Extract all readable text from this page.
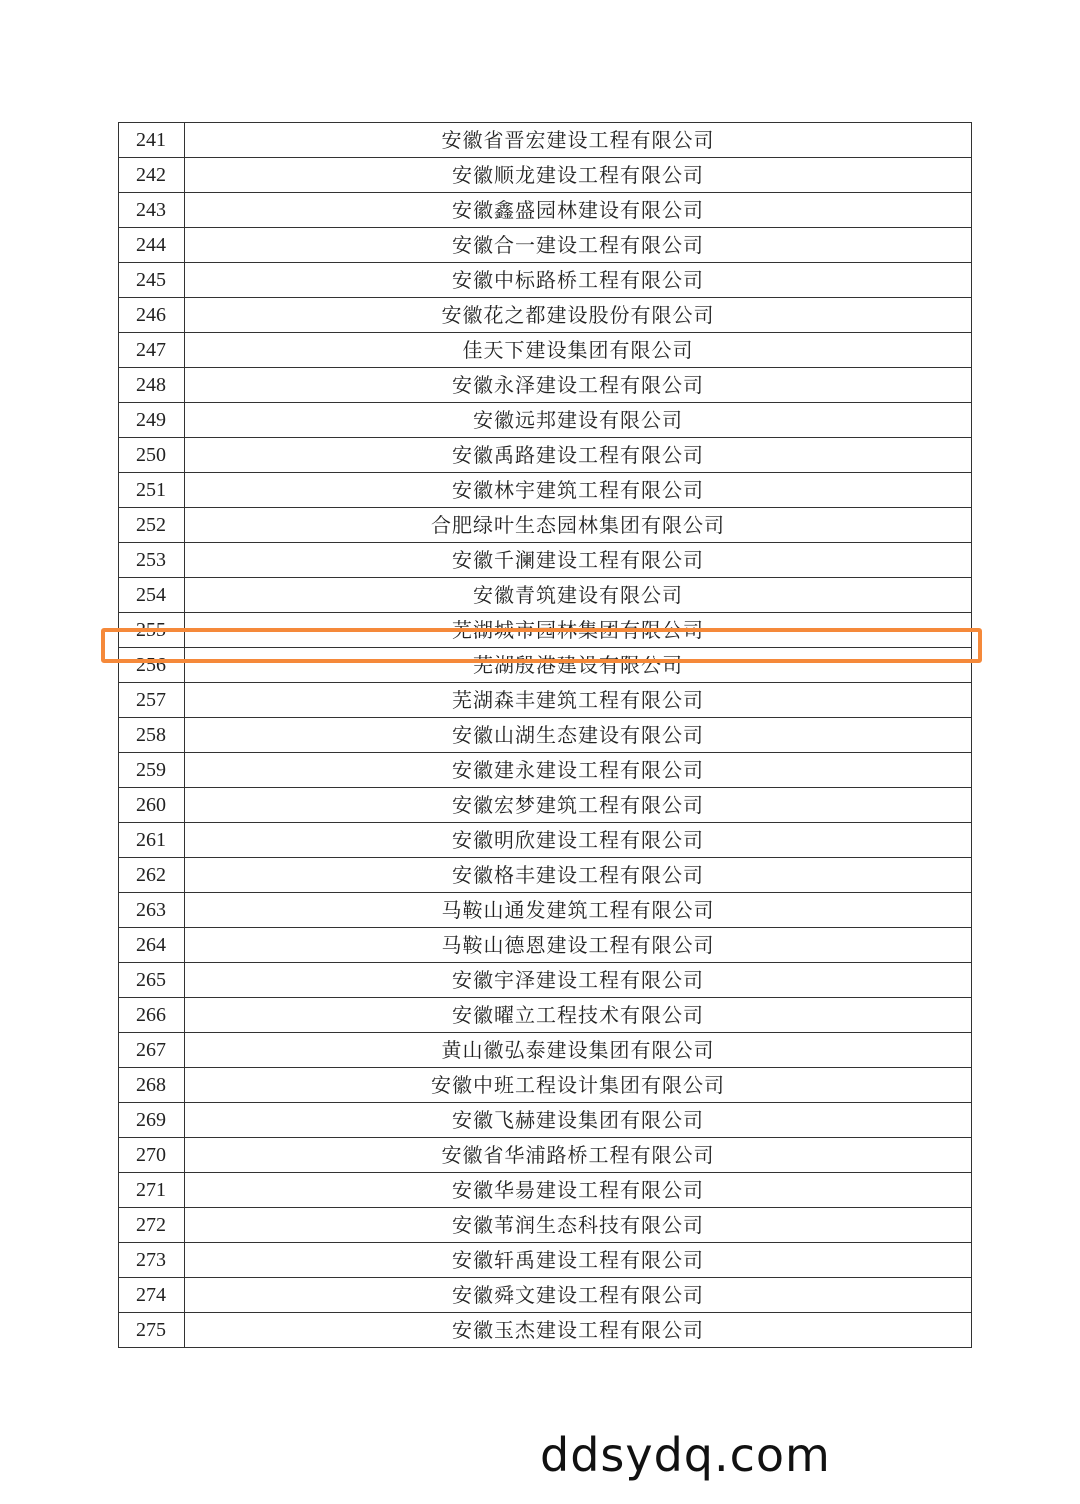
241	安徽省晋宏建设工程有限公司
242	安徽顺龙建设工程有限公司
243	安徽鑫盛园林建设有限公司
244	安徽合一建设工程有限公司
245	安徽中标路桥工程有限公司
246	安徽花之都建设股份有限公司
247	佳天下建设集团有限公司
248	安徽永泽建设工程有限公司
249	安徽远邦建设有限公司
250	安徽禹路建设工程有限公司
251	安徽林宇建筑工程有限公司
252	合肥绿叶生态园林集团有限公司
253	安徽千澜建设工程有限公司
254	安徽青筑建设有限公司
255	芜湖城市园林集团有限公司
256	芜湖殷港建设有限公司
257	芜湖森丰建筑工程有限公司
258	安徽山湖生态建设有限公司
259	安徽建永建设工程有限公司
260	安徽宏梦建筑工程有限公司
261	安徽明欣建设工程有限公司
262	安徽格丰建设工程有限公司
263	马鞍山通发建筑工程有限公司
264	马鞍山德恩建设工程有限公司
265	安徽宇泽建设工程有限公司
266	安徽曜立工程技术有限公司
267	黄山徽弘泰建设集团有限公司
268	安徽中班工程设计集团有限公司
269	安徽飞赫建设集团有限公司
270	安徽省华浦路桥工程有限公司
271	安徽华昜建设工程有限公司
272	安徽苇润生态科技有限公司
273	安徽轩禹建设工程有限公司
274	安徽舜文建设工程有限公司
275	安徽玉杰建设工程有限公司
ddsydq.com
